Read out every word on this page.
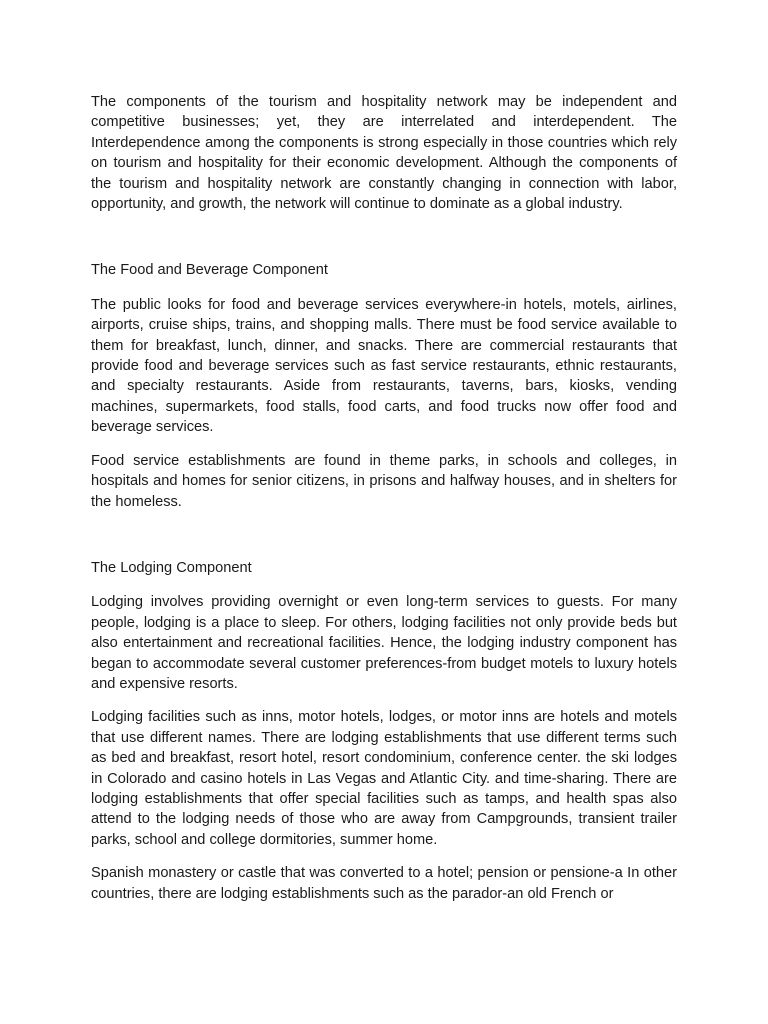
The components of the tourism and hospitality network may be independent and competitive businesses; yet, they are interrelated and interdependent. The Interdependence among the components is strong especially in those countries which rely on tourism and hospitality for their economic development. Although the components of the tourism and hospitality network are constantly changing in connection with labor, opportunity, and growth, the network will continue to dominate as a global industry.

The Food and Beverage Component

The public looks for food and beverage services everywhere-in hotels, motels, airlines, airports, cruise ships, trains, and shopping malls. There must be food service available to them for breakfast, lunch, dinner, and snacks. There are commercial restaurants that provide food and beverage services such as fast service restaurants, ethnic restaurants, and specialty restaurants. Aside from restaurants, taverns, bars, kiosks, vending machines, supermarkets, food stalls, food carts, and food trucks now offer food and beverage services.

Food service establishments are found in theme parks, in schools and colleges, in hospitals and homes for senior citizens, in prisons and halfway houses, and in shelters for the homeless.

The Lodging Component

Lodging involves providing overnight or even long-term services to guests. For many people, lodging is a place to sleep. For others, lodging facilities not only provide beds but also entertainment and recreational facilities. Hence, the lodging industry component has began to accommodate several customer preferences-from budget motels to luxury hotels and expensive resorts.

Lodging facilities such as inns, motor hotels, lodges, or motor inns are hotels and motels that use different names. There are lodging establishments that use different terms such as bed and breakfast, resort hotel, resort condominium, conference center. the ski lodges in Colorado and casino hotels in Las Vegas and Atlantic City. and time-sharing. There are lodging establishments that offer special facilities such as tamps, and health spas also attend to the lodging needs of those who are away from Campgrounds, transient trailer parks, school and college dormitories, summer home.

Spanish monastery or castle that was converted to a hotel; pension or pensione-a In other countries, there are lodging establishments such as the parador-an old French or
